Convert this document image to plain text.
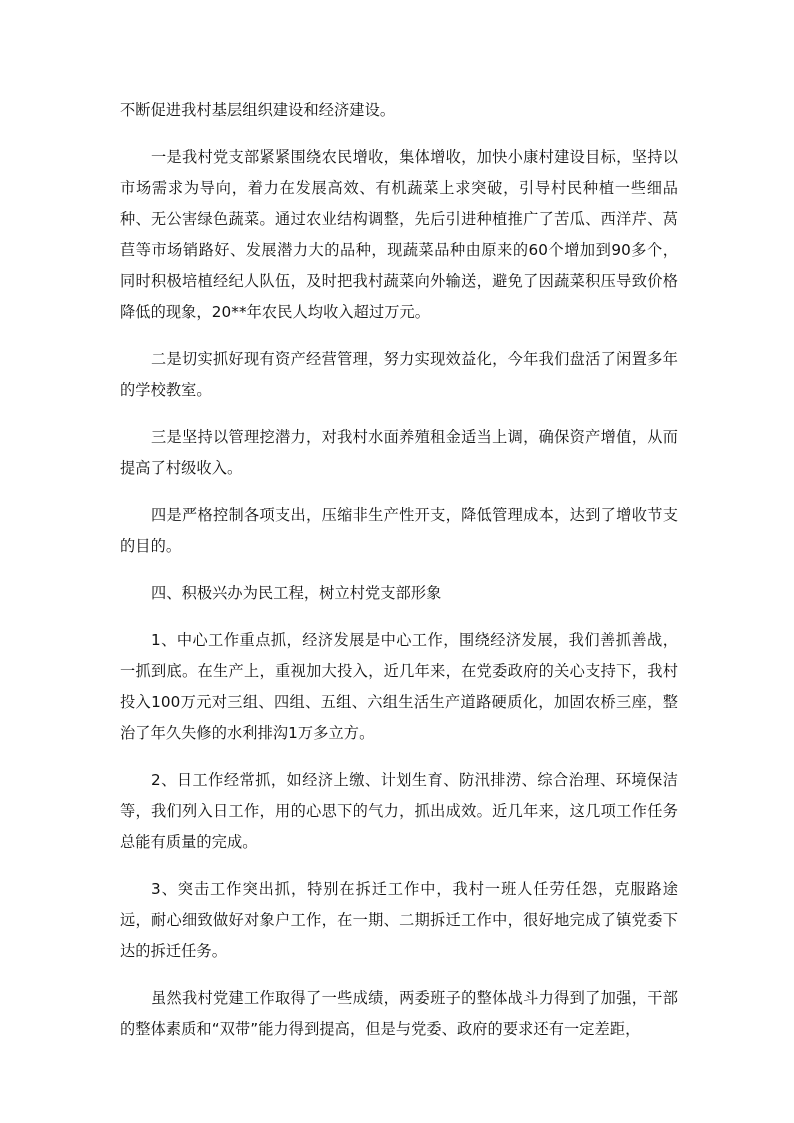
不断促进我村基层组织建设和经济建设。

一是我村党支部紧紧围绕农民增收，集体增收，加快小康村建设目标，坚持以市场需求为导向，着力在发展高效、有机蔬菜上求突破，引导村民种植一些细品种、无公害绿色蔬菜。通过农业结构调整，先后引进种植推广了苦瓜、西洋芹、莴苣等市场销路好、发展潜力大的品种，现蔬菜品种由原来的60个增加到90多个，同时积极培植经纪人队伍，及时把我村蔬菜向外输送，避免了因蔬菜积压导致价格降低的现象，20**年农民人均收入超过万元。

二是切实抓好现有资产经营管理，努力实现效益化，今年我们盘活了闲置多年的学校教室。

三是坚持以管理挖潜力，对我村水面养殖租金适当上调，确保资产增值，从而提高了村级收入。

四是严格控制各项支出，压缩非生产性开支，降低管理成本，达到了增收节支的目的。

四、积极兴办为民工程，树立村党支部形象

1、中心工作重点抓，经济发展是中心工作，围绕经济发展，我们善抓善战，一抓到底。在生产上，重视加大投入，近几年来，在党委政府的关心支持下，我村投入100万元对三组、四组、五组、六组生活生产道路硬质化，加固农桥三座，整治了年久失修的水利排沟1万多立方。

2、日工作经常抓，如经济上缴、计划生育、防汛排涝、综合治理、环境保洁等，我们列入日工作，用的心思下的气力，抓出成效。近几年来，这几项工作任务总能有质量的完成。

3、突击工作突出抓，特别在拆迁工作中，我村一班人任劳任怨，克服路途远，耐心细致做好对象户工作，在一期、二期拆迁工作中，很好地完成了镇党委下达的拆迁任务。

虽然我村党建工作取得了一些成绩，两委班子的整体战斗力得到了加强，干部的整体素质和“双带”能力得到提高，但是与党委、政府的要求还有一定差距，
